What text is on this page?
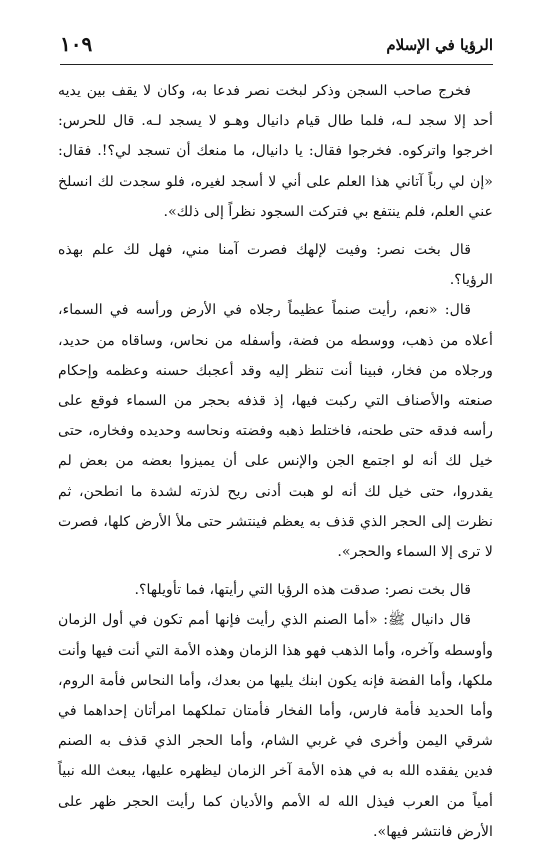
الرؤيا في الإسلام
١٠٩

فخرج صاحب السجن وذكر لبخت نصر فدعا به، وكان لا يقف بين يديه أحد إلا سجد لـه، فلما طال قيام دانيال وهـو لا يسجد لـه. قال للحرس: اخرجوا واتركوه. فخرجوا فقال: يا دانيال، ما منعك أن تسجد لي؟!. فقال: «إن لي رباً آتاني هذا العلم على أني لا أسجد لغيره، فلو سجدت لك انسلخ عني العلم، فلم ينتفع بي فتركت السجود نظراً إلى ذلك».

قال بخت نصر: وفيت لإلهك فصرت آمنا مني، فهل لك علم بهذه الرؤيا؟.

قال: «نعم، رأيت صنماً عظيماً رجلاه في الأرض ورأسه في السماء، أعلاه من ذهب، ووسطه من فضة، وأسفله من نحاس، وساقاه من حديد، ورجلاه من فخار، فبينا أنت تنظر إليه وقد أعجبك حسنه وعظمه وإحكام صنعته والأصناف التي ركبت فيها، إذ قذفه بحجر من السماء فوقع على رأسه فدقه حتى طحنه، فاختلط ذهبه وفضته ونحاسه وحديده وفخاره، حتى خيل لك أنه لو اجتمع الجن والإنس على أن يميزوا بعضه من بعض لم يقدروا، حتى خيل لك أنه لو هبت أدنى ريح لذرته لشدة ما انطحن، ثم نظرت إلى الحجر الذي قذف به يعظم فينتشر حتى ملأ الأرض كلها، فصرت لا ترى إلا السماء والحجر».

قال بخت نصر: صدقت هذه الرؤيا التي رأيتها، فما تأويلها؟.

قال دانيال ﷺ: «أما الصنم الذي رأيت فإنها أمم تكون في أول الزمان وأوسطه وآخره، وأما الذهب فهو هذا الزمان وهذه الأمة التي أنت فيها وأنت ملكها، وأما الفضة فإنه يكون ابنك يليها من بعدك، وأما النحاس فأمة الروم، وأما الحديد فأمة فارس، وأما الفخار فأمتان تملكهما امرأتان إحداهما في شرقي اليمن وأخرى في غربي الشام، وأما الحجر الذي قذف به الصنم فدين يفقده الله به في هذه الأمة آخر الزمان ليظهره عليها، يبعث الله نبياً أمياً من العرب فيذل الله له الأمم والأديان كما رأيت الحجر ظهر على الأرض فانتشر فيها».
